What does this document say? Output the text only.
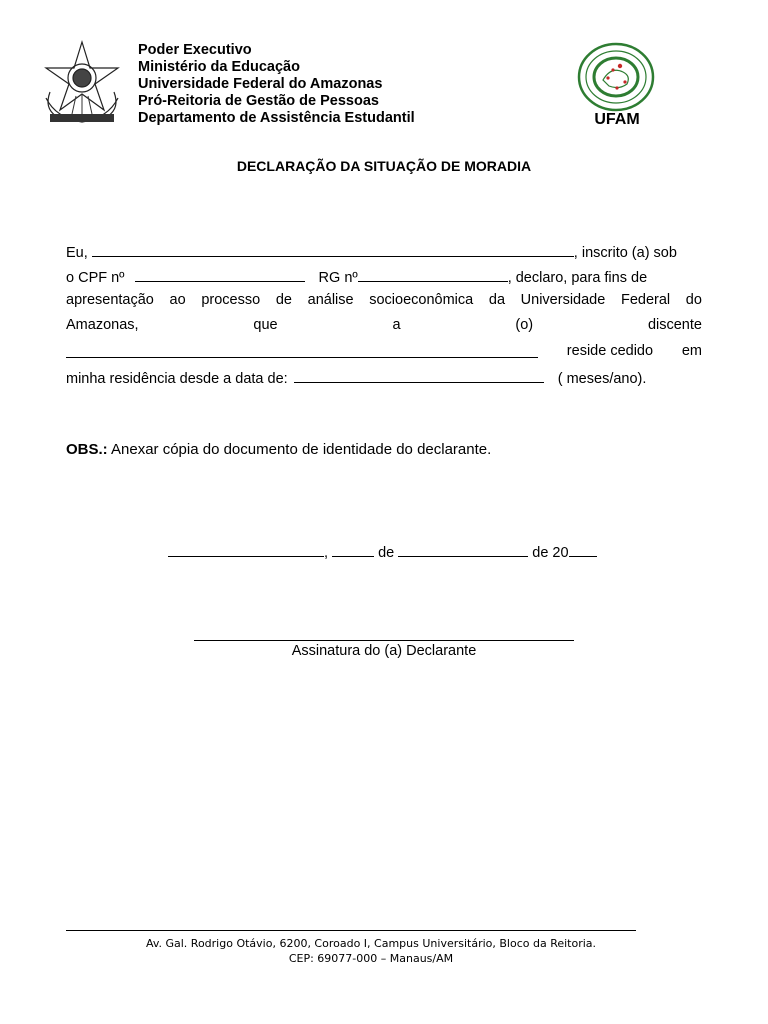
Poder Executivo
Ministério da Educação
Universidade Federal do Amazonas
Pró-Reitoria de Gestão de Pessoas
Departamento de Assistência Estudantil	UFAM
DECLARAÇÃO DA SITUAÇÃO DE MORADIA
Eu,	, inscrito (a) sob
o CPF nº	RG nº	, declaro, para fins de
apresentação ao processo de análise socioeconômica da Universidade Federal do
Amazonas,	que	a	(o)	discente
reside cedido em
minha residência desde a data de:	( meses/ano).
OBS.: Anexar cópia do documento de identidade do declarante.
,	de	de 20
Assinatura do (a) Declarante
Av. Gal. Rodrigo Otávio, 6200, Coroado I, Campus Universitário, Bloco da Reitoria.
CEP: 69077-000 – Manaus/AM
